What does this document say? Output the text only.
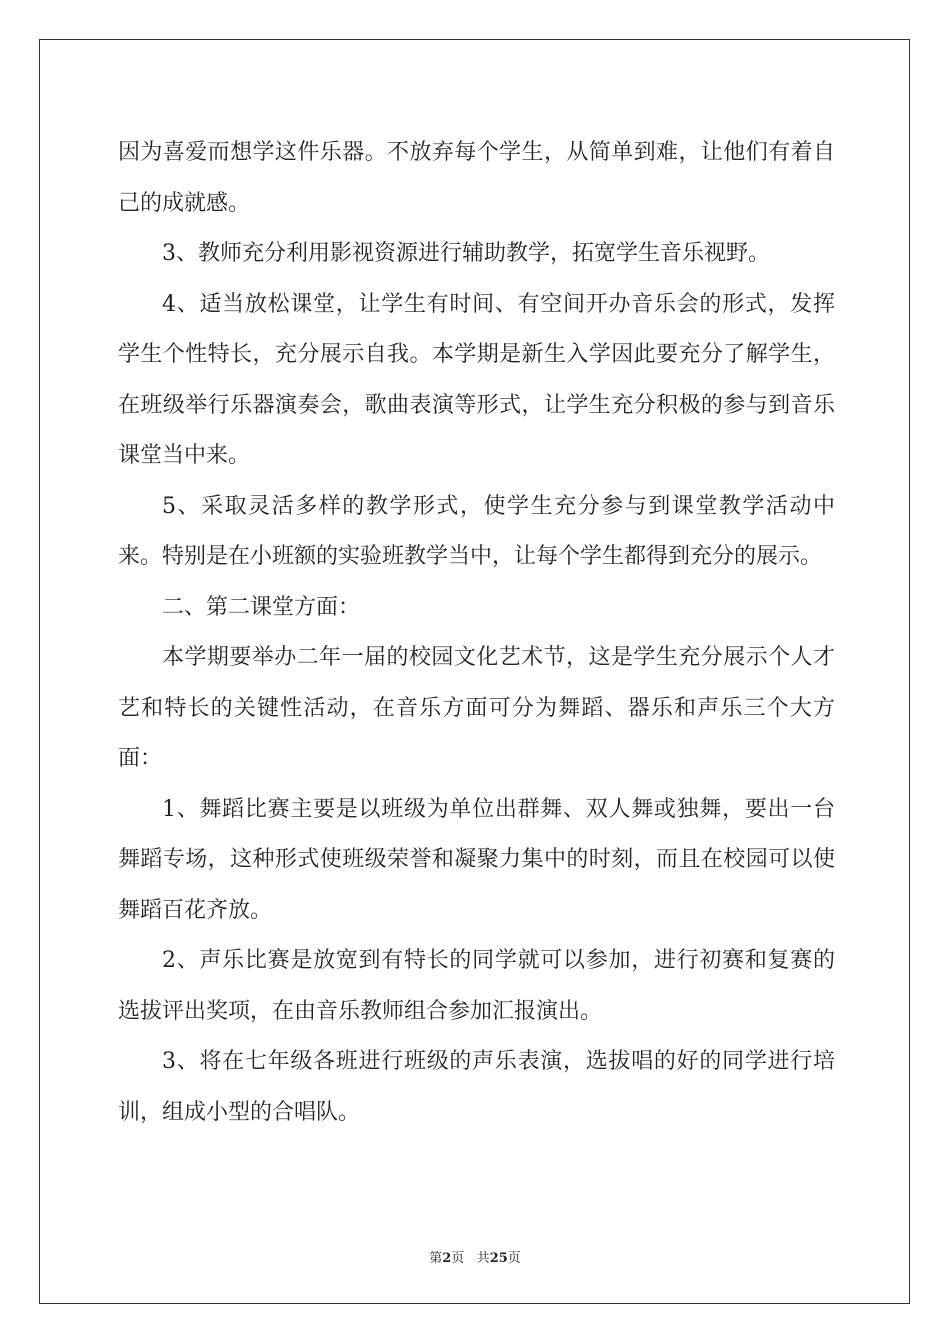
因为喜爱而想学这件乐器。不放弃每个学生，从简单到难，让他们有着自己的成就感。

3、教师充分利用影视资源进行辅助教学，拓宽学生音乐视野。

4、适当放松课堂，让学生有时间、有空间开办音乐会的形式，发挥学生个性特长，充分展示自我。本学期是新生入学因此要充分了解学生，在班级举行乐器演奏会，歌曲表演等形式，让学生充分积极的参与到音乐课堂当中来。

5、采取灵活多样的教学形式，使学生充分参与到课堂教学活动中来。特别是在小班额的实验班教学当中，让每个学生都得到充分的展示。

二、第二课堂方面：

本学期要举办二年一届的校园文化艺术节，这是学生充分展示个人才艺和特长的关键性活动，在音乐方面可分为舞蹈、器乐和声乐三个大方面：

1、舞蹈比赛主要是以班级为单位出群舞、双人舞或独舞，要出一台舞蹈专场，这种形式使班级荣誉和凝聚力集中的时刻，而且在校园可以使舞蹈百花齐放。

2、声乐比赛是放宽到有特长的同学就可以参加，进行初赛和复赛的选拔评出奖项，在由音乐教师组合参加汇报演出。

3、将在七年级各班进行班级的声乐表演，选拔唱的好的同学进行培训，组成小型的合唱队。

第2页 共25页
